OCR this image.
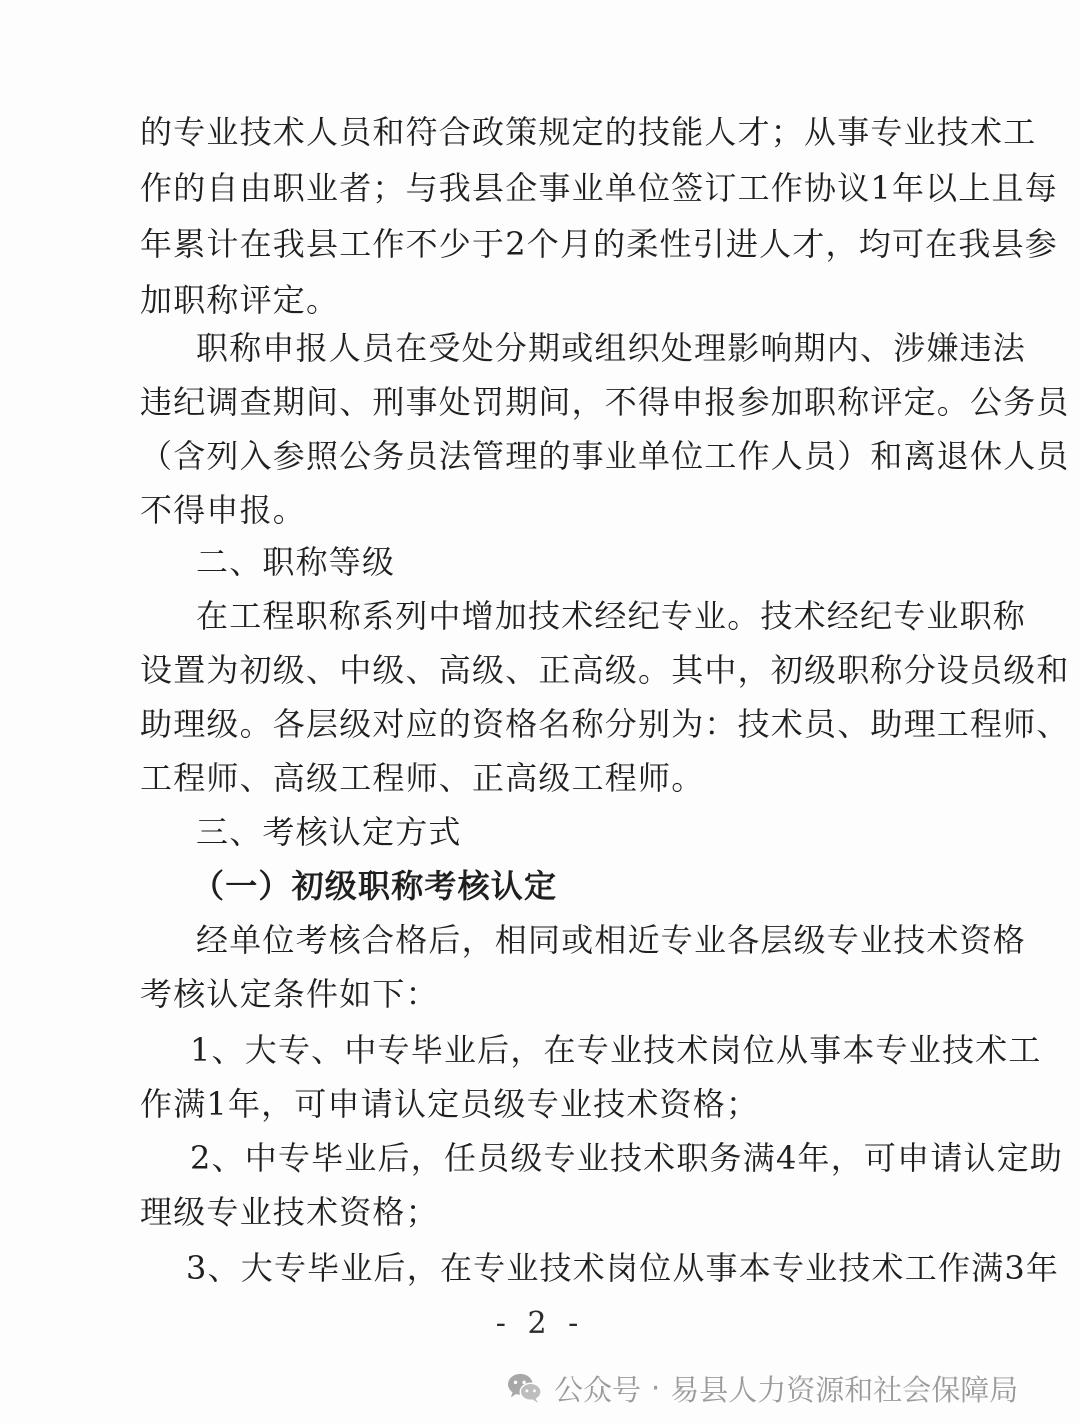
的专业技术人员和符合政策规定的技能人才；从事专业技术工
作的自由职业者；与我县企事业单位签订工作协议1年以上且每
年累计在我县工作不少于2个月的柔性引进人才，均可在我县参
加职称评定。
职称申报人员在受处分期或组织处理影响期内、涉嫌违法
违纪调查期间、刑事处罚期间，不得申报参加职称评定。公务员
（含列入参照公务员法管理的事业单位工作人员）和离退休人员
不得申报。
二、职称等级
在工程职称系列中增加技术经纪专业。技术经纪专业职称
设置为初级、中级、高级、正高级。其中，初级职称分设员级和
助理级。各层级对应的资格名称分别为：技术员、助理工程师、
工程师、高级工程师、正高级工程师。
三、考核认定方式
（一）初级职称考核认定
经单位考核合格后，相同或相近专业各层级专业技术资格
考核认定条件如下：
1、大专、中专毕业后，在专业技术岗位从事本专业技术工
作满1年，可申请认定员级专业技术资格；
2、中专毕业后，任员级专业技术职务满4年，可申请认定助
理级专业技术资格；
3、大专毕业后，在专业技术岗位从事本专业技术工作满3年
- 2 -
公众号 · 易县人力资源和社会保障局
